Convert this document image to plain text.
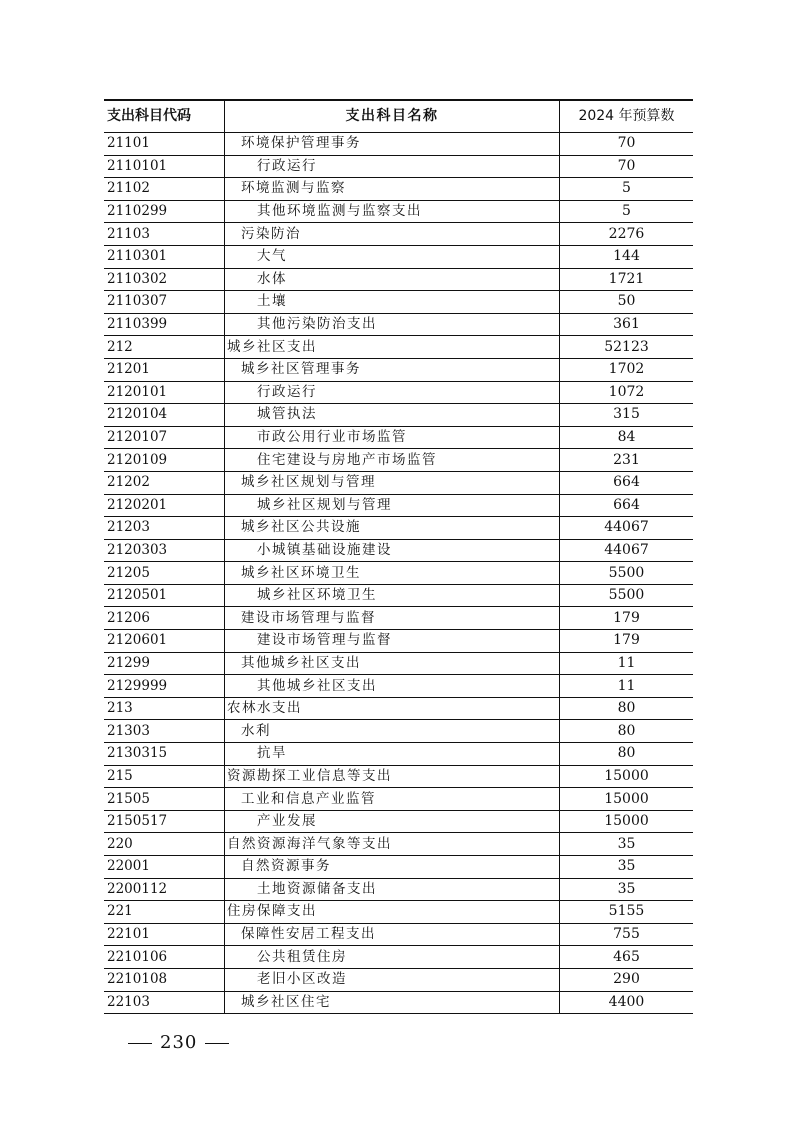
支出科目代码	支出科目名称	2024 年预算数
21101	环境保护管理事务	70
2110101	行政运行	70
21102	环境监测与监察	5
2110299	其他环境监测与监察支出	5
21103	污染防治	2276
2110301	大气	144
2110302	水体	1721
2110307	土壤	50
2110399	其他污染防治支出	361
212	城乡社区支出	52123
21201	城乡社区管理事务	1702
2120101	行政运行	1072
2120104	城管执法	315
2120107	市政公用行业市场监管	84
2120109	住宅建设与房地产市场监管	231
21202	城乡社区规划与管理	664
2120201	城乡社区规划与管理	664
21203	城乡社区公共设施	44067
2120303	小城镇基础设施建设	44067
21205	城乡社区环境卫生	5500
2120501	城乡社区环境卫生	5500
21206	建设市场管理与监督	179
2120601	建设市场管理与监督	179
21299	其他城乡社区支出	11
2129999	其他城乡社区支出	11
213	农林水支出	80
21303	水利	80
2130315	抗旱	80
215	资源勘探工业信息等支出	15000
21505	工业和信息产业监管	15000
2150517	产业发展	15000
220	自然资源海洋气象等支出	35
22001	自然资源事务	35
2200112	土地资源储备支出	35
221	住房保障支出	5155
22101	保障性安居工程支出	755
2210106	公共租赁住房	465
2210108	老旧小区改造	290
22103	城乡社区住宅	4400
230
